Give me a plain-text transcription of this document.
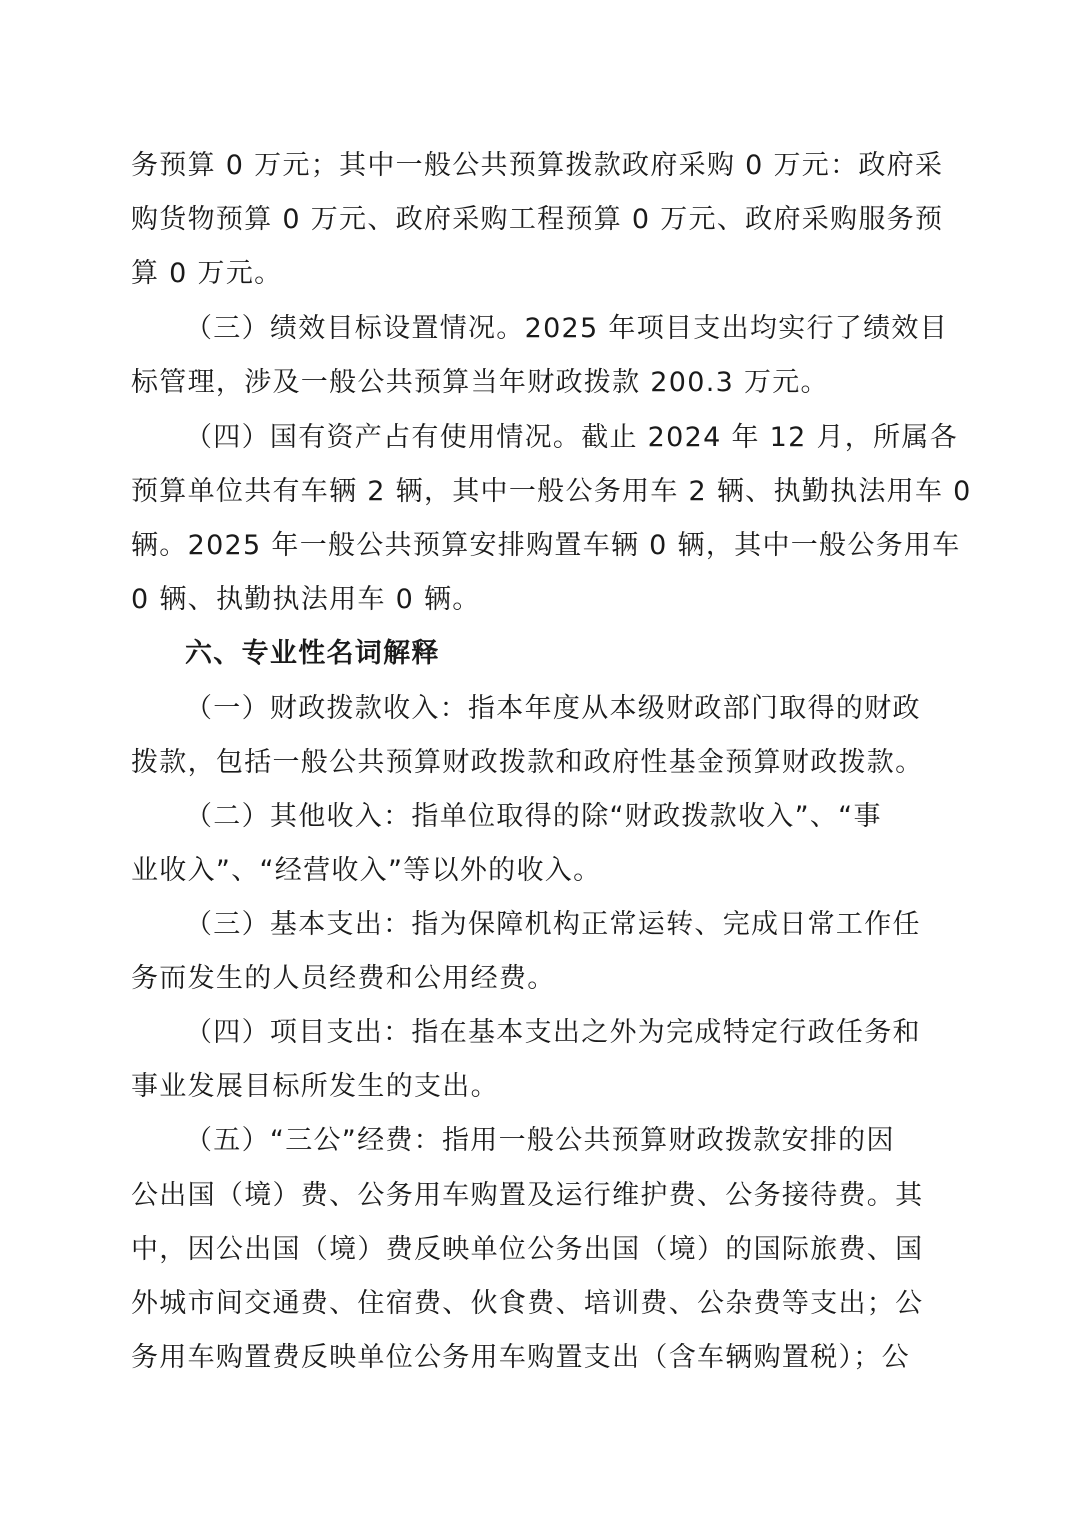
务预算 0 万元；其中一般公共预算拨款政府采购 0 万元：政府采
购货物预算 0 万元、政府采购工程预算 0 万元、政府采购服务预
算 0 万元。
（三）绩效目标设置情况。2025 年项目支出均实行了绩效目
标管理，涉及一般公共预算当年财政拨款 200.3 万元。
（四）国有资产占有使用情况。截止 2024 年 12 月，所属各
预算单位共有车辆 2 辆，其中一般公务用车 2 辆、执勤执法用车 0
辆。2025 年一般公共预算安排购置车辆 0 辆，其中一般公务用车
0 辆、执勤执法用车 0 辆。
六、专业性名词解释
（一）财政拨款收入：指本年度从本级财政部门取得的财政
拨款，包括一般公共预算财政拨款和政府性基金预算财政拨款。
（二）其他收入：指单位取得的除“财政拨款收入”、“事
业收入”、“经营收入”等以外的收入。
（三）基本支出：指为保障机构正常运转、完成日常工作任
务而发生的人员经费和公用经费。
（四）项目支出：指在基本支出之外为完成特定行政任务和
事业发展目标所发生的支出。
（五）“三公”经费：指用一般公共预算财政拨款安排的因
公出国（境）费、公务用车购置及运行维护费、公务接待费。其
中，因公出国（境）费反映单位公务出国（境）的国际旅费、国
外城市间交通费、住宿费、伙食费、培训费、公杂费等支出；公
务用车购置费反映单位公务用车购置支出（含车辆购置税）；公
